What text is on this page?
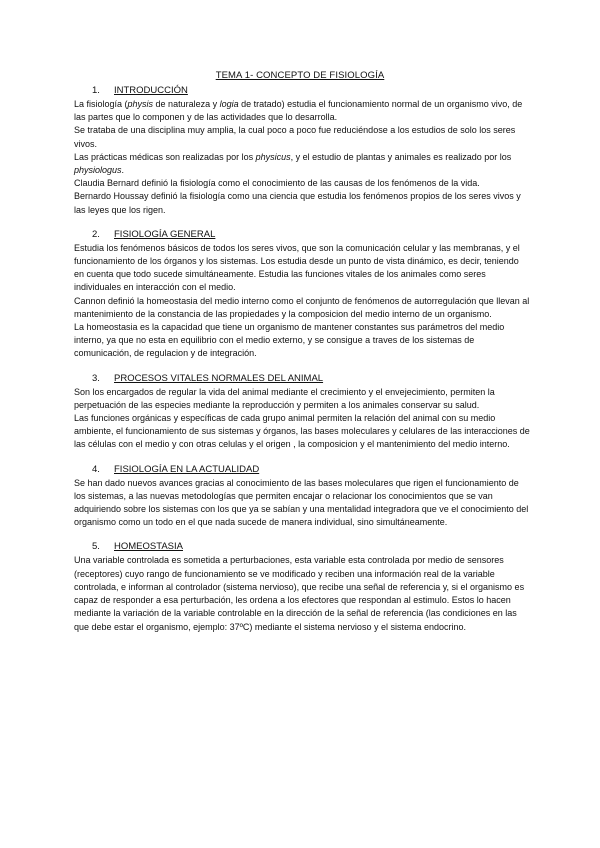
TEMA 1- CONCEPTO DE FISIOLOGÍA
1. INTRODUCCIÓN

La fisiología (physis de naturaleza y logia de tratado) estudia el funcionamiento normal de un organismo vivo, de las partes que lo componen y de las actividades que lo desarrolla.

Se trataba de una disciplina muy amplia, la cual poco a poco fue reduciéndose a los estudios de solo los seres vivos.

Las prácticas médicas son realizadas por los physicus, y el estudio de plantas y animales es realizado por los physiologus.

Claudia Bernard definió la fisiología como el conocimiento de las causas de los fenómenos de la vida.

Bernardo Houssay definió la fisiología como una ciencia que estudia los fenómenos propios de los seres vivos y las leyes que los rigen.

2. FISIOLOGÍA GENERAL

Estudia los fenómenos básicos de todos los seres vivos, que son la comunicación celular y las membranas, y el funcionamiento de los órganos y los sistemas. Los estudia desde un punto de vista dinámico, es decir, teniendo en cuenta que todo sucede simultáneamente. Estudia las funciones vitales de los animales como seres individuales en interacción con el medio.

Cannon definió la homeostasia del medio interno como el conjunto de fenómenos de autorregulación que llevan al mantenimiento de la constancia de las propiedades y la composicion del medio interno de un organismo.

La homeostasia es la capacidad que tiene un organismo de mantener constantes sus parámetros del medio interno, ya que no esta en equilibrio con el medio externo, y se consigue a traves de los sistemas de comunicación, de regulacion y de integración.

3. PROCESOS VITALES NORMALES DEL ANIMAL

Son los encargados de regular la vida del animal mediante el crecimiento y el envejecimiento, permiten la perpetuación de las especies mediante la reproducción y permiten a los animales conservar su salud.

Las funciones orgánicas y específicas de cada grupo animal permiten la relación del animal con su medio ambiente, el funcionamiento de sus sistemas y órganos, las bases moleculares y celulares de las interacciones de las células con el medio y con otras celulas y el origen , la composicion y el mantenimiento del medio interno.

4. FISIOLOGÍA EN LA ACTUALIDAD

Se han dado nuevos avances gracias al conocimiento de las bases moleculares que rigen el funcionamiento de los sistemas, a las nuevas metodologías que permiten encajar o relacionar los conocimientos que se van adquiriendo sobre los sistemas con los que ya se sabían y una mentalidad integradora que ve el conocimiento del organismo como un todo en el que nada sucede de manera individual, sino simultáneamente.

5. HOMEOSTASIA

Una variable controlada es sometida a perturbaciones, esta variable esta controlada por medio de sensores (receptores) cuyo rango de funcionamiento se ve modificado y reciben una información real de la variable controlada, e informan al controlador (sistema nervioso), que recibe una señal de referencia y, si el organismo es capaz de responder a esa perturbación, les ordena a los efectores que respondan al estimulo. Estos lo hacen mediante la variación de la variable controlable en la dirección de la señal de referencia (las condiciones en las que debe estar el organismo, ejemplo: 37ºC) mediante el sistema nervioso y el sistema endocrino.
